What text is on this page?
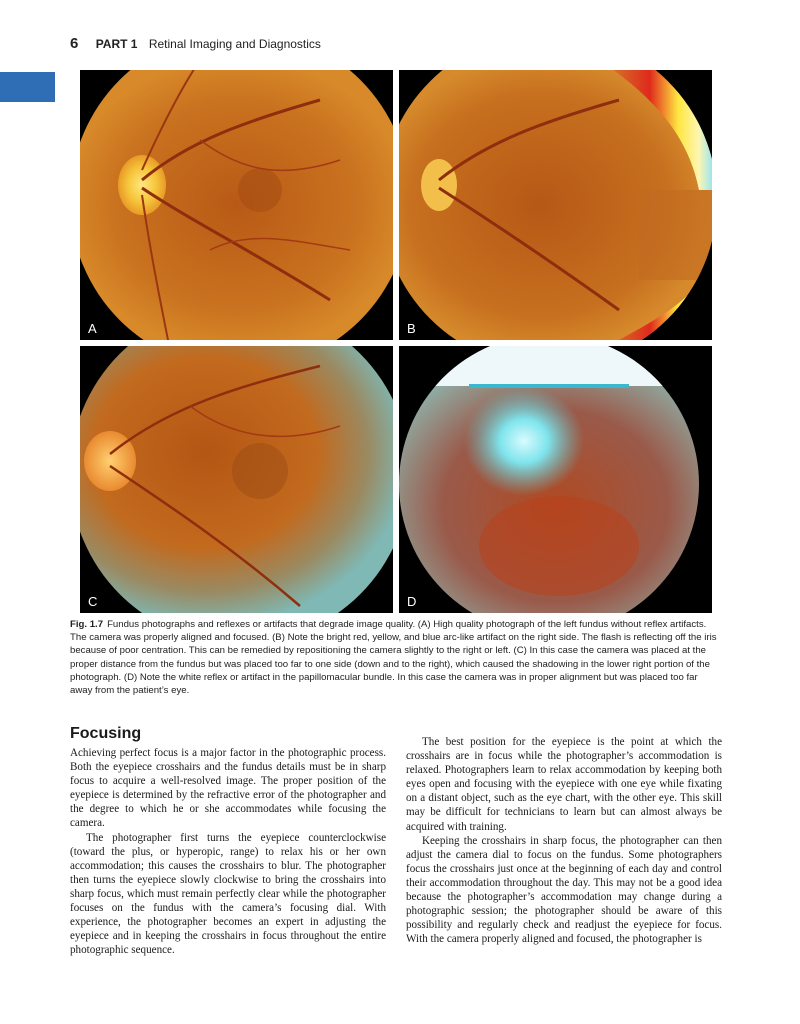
6 PART 1 Retinal Imaging and Diagnostics
A	B
C	D
Fig. 1.7 Fundus photographs and reflexes or artifacts that degrade image quality. (A) High quality photograph of the left fundus without reflex artifacts. The camera was properly aligned and focused. (B) Note the bright red, yellow, and blue arc-like artifact on the right side. The flash is reflecting off the iris because of poor centration. This can be remedied by repositioning the camera slightly to the right or left. (C) In this case the camera was placed at the proper distance from the fundus but was placed too far to one side (down and to the right), which caused the shadowing in the lower right portion of the photograph. (D) Note the white reflex or artifact in the papillomacular bundle. In this case the camera was in proper alignment but was placed too far away from the patient’s eye.
Focusing

Achieving perfect focus is a major factor in the photographic process. Both the eyepiece crosshairs and the fundus details must be in sharp focus to acquire a well-resolved image. The proper position of the eyepiece is determined by the refractive error of the photographer and the degree to which he or she accommodates while focusing the camera.

The photographer first turns the eyepiece counterclockwise (toward the plus, or hyperopic, range) to relax his or her own accommodation; this causes the crosshairs to blur. The photographer then turns the eyepiece slowly clockwise to bring the crosshairs into sharp focus, which must remain perfectly clear while the photographer focuses on the fundus with the camera’s focusing dial. With experience, the photographer becomes an expert in adjusting the eyepiece and in keeping the crosshairs in focus throughout the entire photographic sequence.

The best position for the eyepiece is the point at which the crosshairs are in focus while the photographer’s accommodation is relaxed. Photographers learn to relax accommodation by keeping both eyes open and focusing with the eyepiece with one eye while fixating on a distant object, such as the eye chart, with the other eye. This skill may be difficult for technicians to learn but can almost always be acquired with training.

Keeping the crosshairs in sharp focus, the photographer can then adjust the camera dial to focus on the fundus. Some photographers focus the crosshairs just once at the beginning of each day and control their accommodation throughout the day. This may not be a good idea because the photographer’s accommodation may change during a photographic session; the photographer should be aware of this possibility and regularly check and readjust the eyepiece for focus. With the camera properly aligned and focused, the photographer is
